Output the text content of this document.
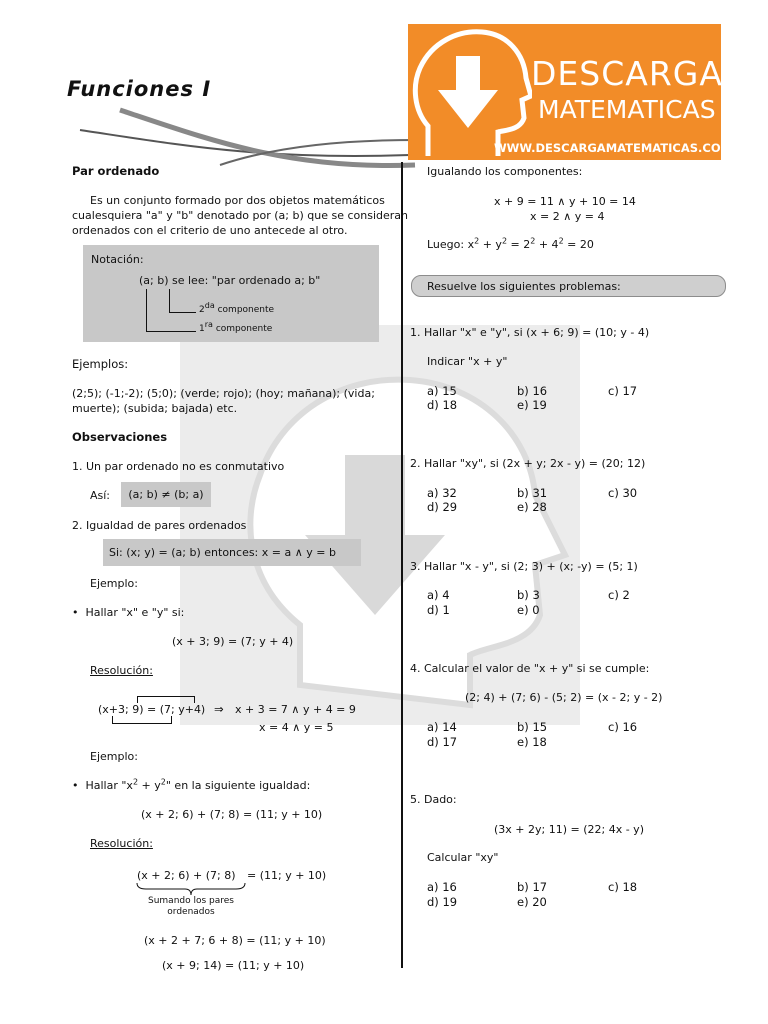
Funciones I	DESCARGA
MATEMATICAS
WWW.DESCARGAMATEMATICAS.COM
Par ordenado
Es un conjunto formado por dos objetos matemáticos
cualesquiera "a" y "b" denotado por (a; b) que se consideran
ordenados con el criterio de uno antecede al otro.
Notación:
(a; b) se lee: "par ordenado a; b"
$2^{da}$ componente
$1^{ra}$ componente
Ejemplos:
(2;5); (-1;-2); (5;0); (verde; rojo); (hoy; mañana); (vida;
muerte); (subida; bajada) etc.
Observaciones
1. Un par ordenado no es conmutativo
Así:	(a; b) ≠ (b; a)
2. Igualdad de pares ordenados
Si: (x; y) = (a; b) entonces: x = a ∧ y = b
Ejemplo:
•  Hallar "x" e "y" si:
(x + 3; 9) = (7; y + 4)
Resolución:
(x+3; 9) = (7; y+4) ⇒ x + 3 = 7 ∧ y + 4 = 9
x = 4 ∧ y = 5
Ejemplo:
•  Hallar "$x^2 + y^2$" en la siguiente igualdad:
(x + 2; 6) + (7; 8) = (11; y + 10)
Resolución:
(x + 2; 6) + (7; 8) = (11; y + 10)
Sumando los pares
ordenados
(x + 2 + 7; 6 + 8) = (11; y + 10)
(x + 9; 14) = (11; y + 10)
Igualando los componentes:
x + 9 = 11 ∧ y + 10 = 14
x = 2 ∧ y = 4
Luego: $x^2 + y^2 = 2^2 + 4^2 = 20$
Resuelve los siguientes problemas:
1. Hallar "x" e "y", si (x + 6; 9) = (10; y - 4)
Indicar "x + y"
a) 15	b) 16	c) 17
d) 18	e) 19
2. Hallar "xy", si (2x + y; 2x - y) = (20; 12)
a) 32	b) 31	c) 30
d) 29	e) 28
3. Hallar "x - y", si (2; 3) + (x; -y) = (5; 1)
a) 4	b) 3	c) 2
d) 1	e) 0
4. Calcular el valor de "x + y" si se cumple:
(2; 4) + (7; 6) - (5; 2) = (x - 2; y - 2)
a) 14	b) 15	c) 16
d) 17	e) 18
5. Dado:
(3x + 2y; 11) = (22; 4x - y)
Calcular "xy"
a) 16	b) 17	c) 18
d) 19	e) 20
